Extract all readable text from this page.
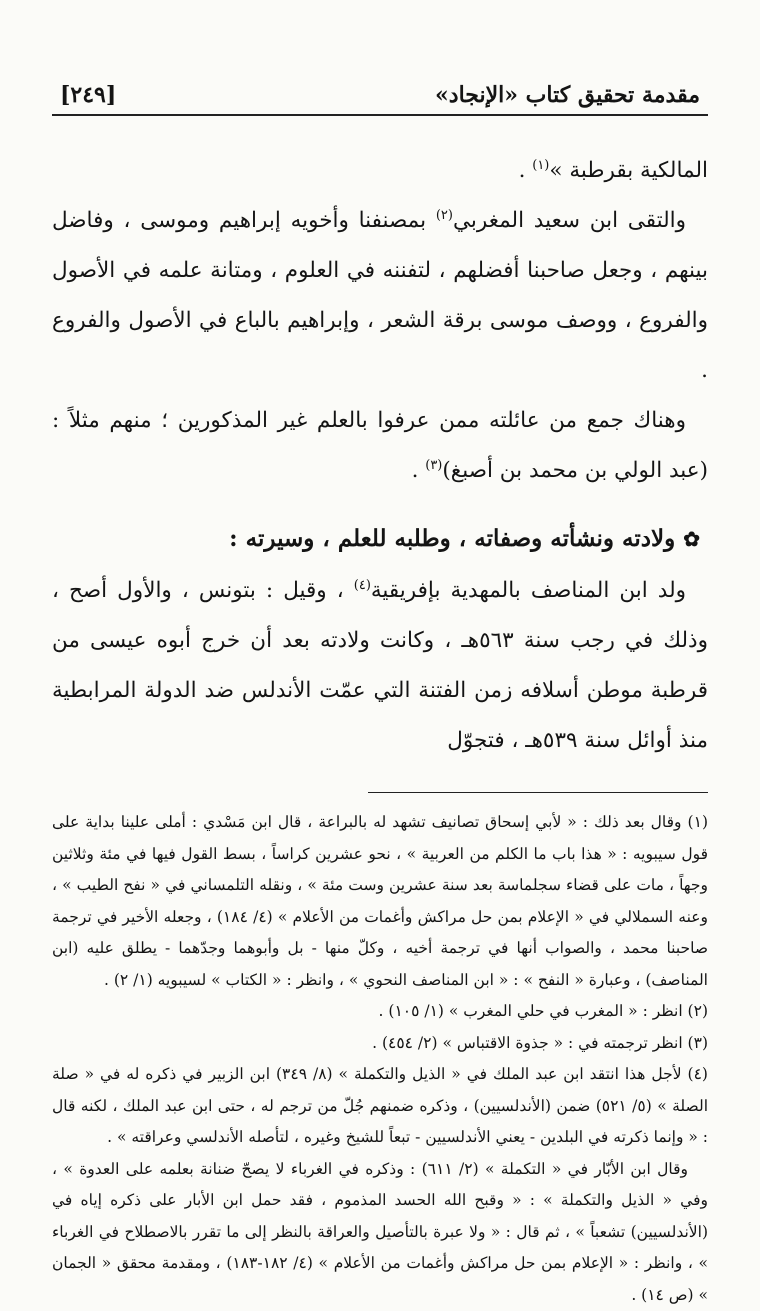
مقدمة تحقيق كتاب «الإنجاد»
[٢٤٩]

المالكية بقرطبة »$^{(١)}$ .

والتقى ابن سعيد المغربي$^{(٢)}$ بمصنفنا وأخويه إبراهيم وموسى ، وفاضل بينهم ، وجعل صاحبنا أفضلهم ، لتفننه في العلوم ، ومتانة علمه في الأصول والفروع ، ووصف موسى برقة الشعر ، وإبراهيم بالباع في الأصول والفروع .

وهناك جمع من عائلته ممن عرفوا بالعلم غير المذكورين ؛ منهم مثلاً : (عبد الولي بن محمد بن أصبغ)$^{(٣)}$ .

✿ولادته ونشأته وصفاته ، وطلبه للعلم ، وسيرته :

ولد ابن المناصف بالمهدية بإفريقية$^{(٤)}$ ، وقيل : بتونس ، والأول أصح ، وذلك في رجب سنة ٥٦٣هـ ، وكانت ولادته بعد أن خرج أبوه عيسى من قرطبة موطن أسلافه زمن الفتنة التي عمّت الأندلس ضد الدولة المرابطية منذ أوائل سنة ٥٣٩هـ ، فتجوّل

(١) وقال بعد ذلك : « لأبي إسحاق تصانيف تشهد له بالبراعة ، قال ابن مَسْدي : أملى علينا بداية على قول سيبويه : « هذا باب ما الكلم من العربية » ، نحو عشرين كراساً ، بسط القول فيها في مئة وثلاثين وجهاً ، مات على قضاء سجلماسة بعد سنة عشرين وست مئة » ، ونقله التلمساني في « نفح الطيب » ، وعنه السملالي في « الإعلام بمن حل مراكش وأغمات من الأعلام » (٤/ ١٨٤) ، وجعله الأخير في ترجمة صاحبنا محمد ، والصواب أنها في ترجمة أخيه ، وكلّ منها - بل وأبوهما وجدّهما - يطلق عليه (ابن المناصف) ، وعبارة « النفح » : « ابن المناصف النحوي » ، وانظر : « الكتاب » لسيبويه (١/ ٢) .

(٢) انظر : « المغرب في حلي المغرب » (١/ ١٠٥) .

(٣) انظر ترجمته في : « جذوة الاقتباس » (٢/ ٤٥٤) .

(٤) لأجل هذا انتقد ابن عبد الملك في « الذيل والتكملة » (٨/ ٣٤٩) ابن الزبير في ذكره له في « صلة الصلة » (٥/ ٥٢١) ضمن (الأندلسيين) ، وذكره ضمنهم جُلّ من ترجم له ، حتى ابن عبد الملك ، لكنه قال : « وإنما ذكرته في البلدين - يعني الأندلسيين - تبعاً للشيخ وغيره ، لتأصله الأندلسي وعراقته » .

وقال ابن الأبّار في « التكملة » (٢/ ٦١١) : وذكره في الغرباء لا يصحّ ضنانة بعلمه على العدوة » ، وفي « الذيل والتكملة » : « وقبح الله الحسد المذموم ، فقد حمل ابن الأبار على ذكره إياه في (الأندلسيين) تشعباً » ، ثم قال : « ولا عبرة بالتأصيل والعراقة بالنظر إلى ما تقرر بالاصطلاح في الغرباء » ، وانظر : « الإعلام بمن حل مراكش وأغمات من الأعلام » (٤/ ١٨٢-١٨٣) ، ومقدمة محقق « الجمان » (ص ١٤) .
